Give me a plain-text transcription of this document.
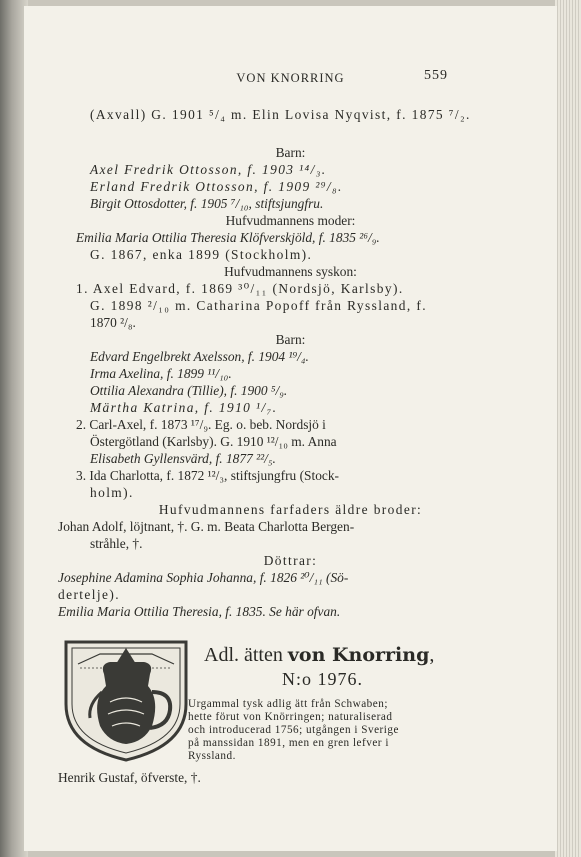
VON KNORRING	559
(Axvall) G. 1901 ⁵/₄ m. Elin Lovisa Nyqvist, f. 1875 ⁷/₂.
Barn:
Axel Fredrik Ottosson, f. 1903 ¹⁴/₃.
Erland Fredrik Ottosson, f. 1909 ²⁹/₈.
Birgit Ottosdotter, f. 1905 ⁷/₁₀, stiftsjungfru.
Hufvudmannens moder:
Emilia Maria Ottilia Theresia Klöfverskjöld, f. 1835 ²⁶/₉.
G. 1867, enka 1899 (Stockholm).
Hufvudmannens syskon:
1. Axel Edvard, f. 1869 ³⁰/₁₁ (Nordsjö, Karlsby).
G. 1898 ²/₁₀ m. Catharina Popoff från Ryssland, f.
1870 ²/₈.
Barn:
Edvard Engelbrekt Axelsson, f. 1904 ¹⁹/₄.
Irma Axelina, f. 1899 ¹¹/₁₀.
Ottilia Alexandra (Tillie), f. 1900 ⁵/₉.
Märtha Katrina, f. 1910 ¹/₇.
2. Carl-Axel, f. 1873 ¹⁷/₉. Eg. o. beb. Nordsjö i
Östergötland (Karlsby). G. 1910 ¹²/₁₀ m. Anna
Elisabeth Gyllensvärd, f. 1877 ²²/₅.
3. Ida Charlotta, f. 1872 ¹²/₃, stiftsjungfru (Stock-
holm).
Hufvudmannens farfaders äldre broder:
Johan Adolf, löjtnant, †. G. m. Beata Charlotta Bergen-
stråhle, †.
Döttrar:
Josephine Adamina Sophia Johanna, f. 1826 ²⁰/₁₁ (Sö-
dertelje).
Emilia Maria Ottilia Theresia, f. 1835. Se här ofvan.
Adl. ätten von Knorring,
N:o 1976.
Urgammal tysk adlig ätt från Schwaben;
hette förut von Knörringen; naturaliserad
och introducerad 1756; utgången i Sverige
på manssidan 1891, men en gren lefver i
Ryssland.
Henrik Gustaf, öfverste, †.
